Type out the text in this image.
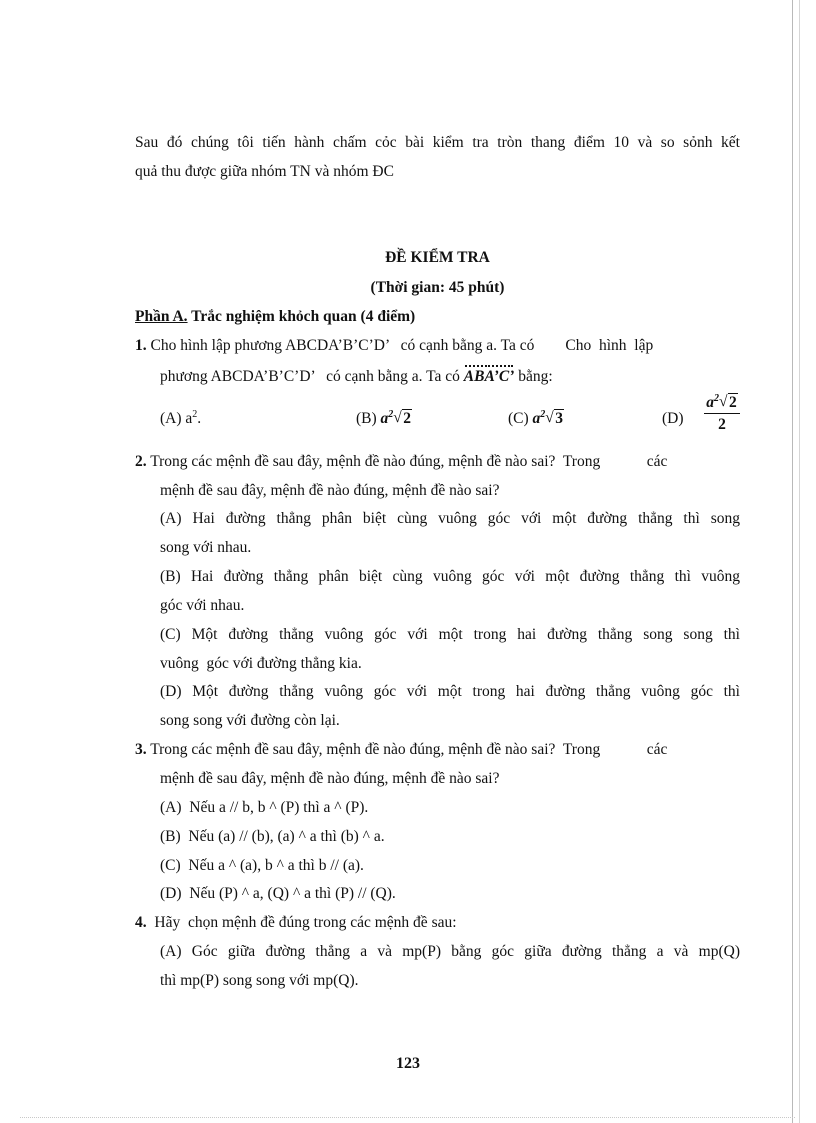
Sau đó chúng tôi tiến hành chấm cỏc bài kiểm tra tròn thang điểm 10 và so sỏnh kết
quả thu được giữa nhóm TN và nhóm ĐC
ĐỀ KIỂM TRA
(Thời gian: 45 phút)
Phần A. Trắc nghiệm khỏch quan (4 điểm)
1. Cho hình lập phương ABCDA’B’C’D’   có cạnh bằng a. Ta có        Cho  hình  lập
phương ABCDA’B’C’D’   có cạnh bằng a. Ta có ABA’C’ bằng:
(A) $a^2$.	(B) $a^2√$ 2	(C) $a^2√$ 3	$(D) \frac{a^2√ 2}{2}$
2. Trong các mệnh đề sau đây, mệnh đề nào đúng, mệnh đề nào sai?  Trong            các
mệnh đề sau đây, mệnh đề nào đúng, mệnh đề nào sai?
(A) Hai đường thẳng phân biệt cùng vuông góc với một đường thẳng thì song
song với nhau.
(B) Hai đường thẳng phân biệt cùng vuông góc với một đường thẳng thì vuông
góc với nhau.
(C) Một đường thẳng vuông góc với một trong hai đường thẳng song song thì
vuông  góc với đường thẳng kia.
(D) Một đường thẳng vuông góc với một trong hai đường thẳng vuông góc thì
song song với đường còn lại.
3. Trong các mệnh đề sau đây, mệnh đề nào đúng, mệnh đề nào sai?  Trong            các
mệnh đề sau đây, mệnh đề nào đúng, mệnh đề nào sai?
(A)  Nếu a // b, b ^ (P) thì a ^ (P).
(B)  Nếu (a) // (b), (a) ^ a thì (b) ^ a.
(C)  Nếu a ^ (a), b ^ a thì b // (a).
(D)  Nếu (P) ^ a, (Q) ^ a thì (P) // (Q).
4.  Hãy  chọn mệnh đề đúng trong các mệnh đề sau:
(A) Góc giữa đường thẳng a và mp(P) bằng góc giữa đường thẳng a và mp(Q)
thì mp(P) song song với mp(Q).
123
